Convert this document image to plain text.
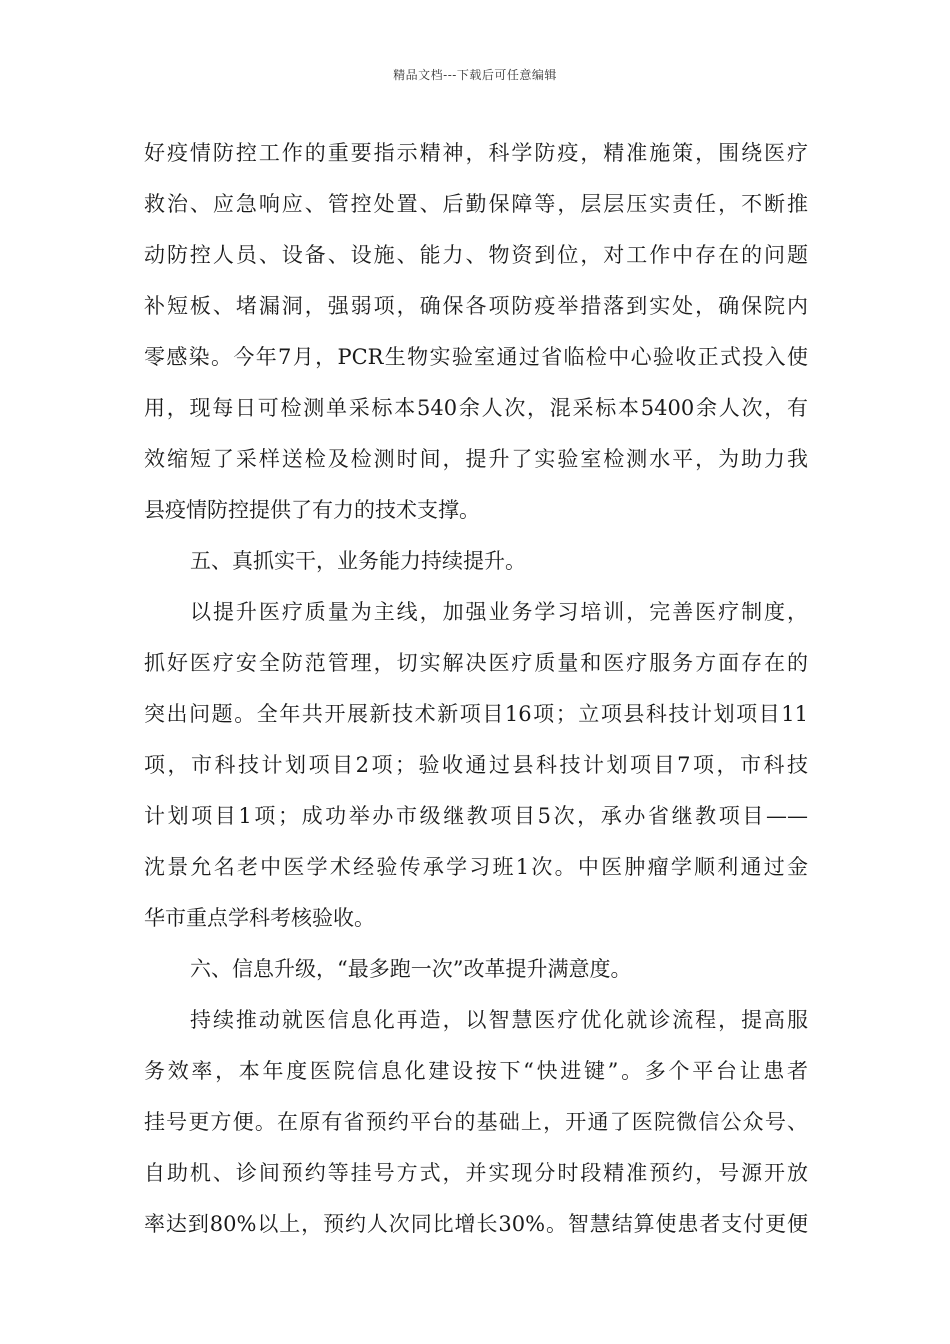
精品文档---下载后可任意编辑
好疫情防控工作的重要指示精神，科学防疫，精准施策，围绕医疗
救治、应急响应、管控处置、后勤保障等，层层压实责任，不断推
动防控人员、设备、设施、能力、物资到位，对工作中存在的问题
补短板、堵漏洞，强弱项，确保各项防疫举措落到实处，确保院内
零感染。今年7月，PCR生物实验室通过省临检中心验收正式投入使
用，现每日可检测单采标本540余人次，混采标本5400余人次，有
效缩短了采样送检及检测时间，提升了实验室检测水平，为助力我
县疫情防控提供了有力的技术支撑。
五、真抓实干，业务能力持续提升。
以提升医疗质量为主线，加强业务学习培训，完善医疗制度，
抓好医疗安全防范管理，切实解决医疗质量和医疗服务方面存在的
突出问题。全年共开展新技术新项目16项；立项县科技计划项目11
项，市科技计划项目2项；验收通过县科技计划项目7项，市科技
计划项目1项；成功举办市级继教项目5次，承办省继教项目——
沈景允名老中医学术经验传承学习班1次。中医肿瘤学顺利通过金
华市重点学科考核验收。
六、信息升级，“最多跑一次”改革提升满意度。
持续推动就医信息化再造，以智慧医疗优化就诊流程，提高服
务效率，本年度医院信息化建设按下“快进键”。多个平台让患者
挂号更方便。在原有省预约平台的基础上，开通了医院微信公众号、
自助机、诊间预约等挂号方式，并实现分时段精准预约，号源开放
率达到80%以上，预约人次同比增长30%。智慧结算使患者支付更便
